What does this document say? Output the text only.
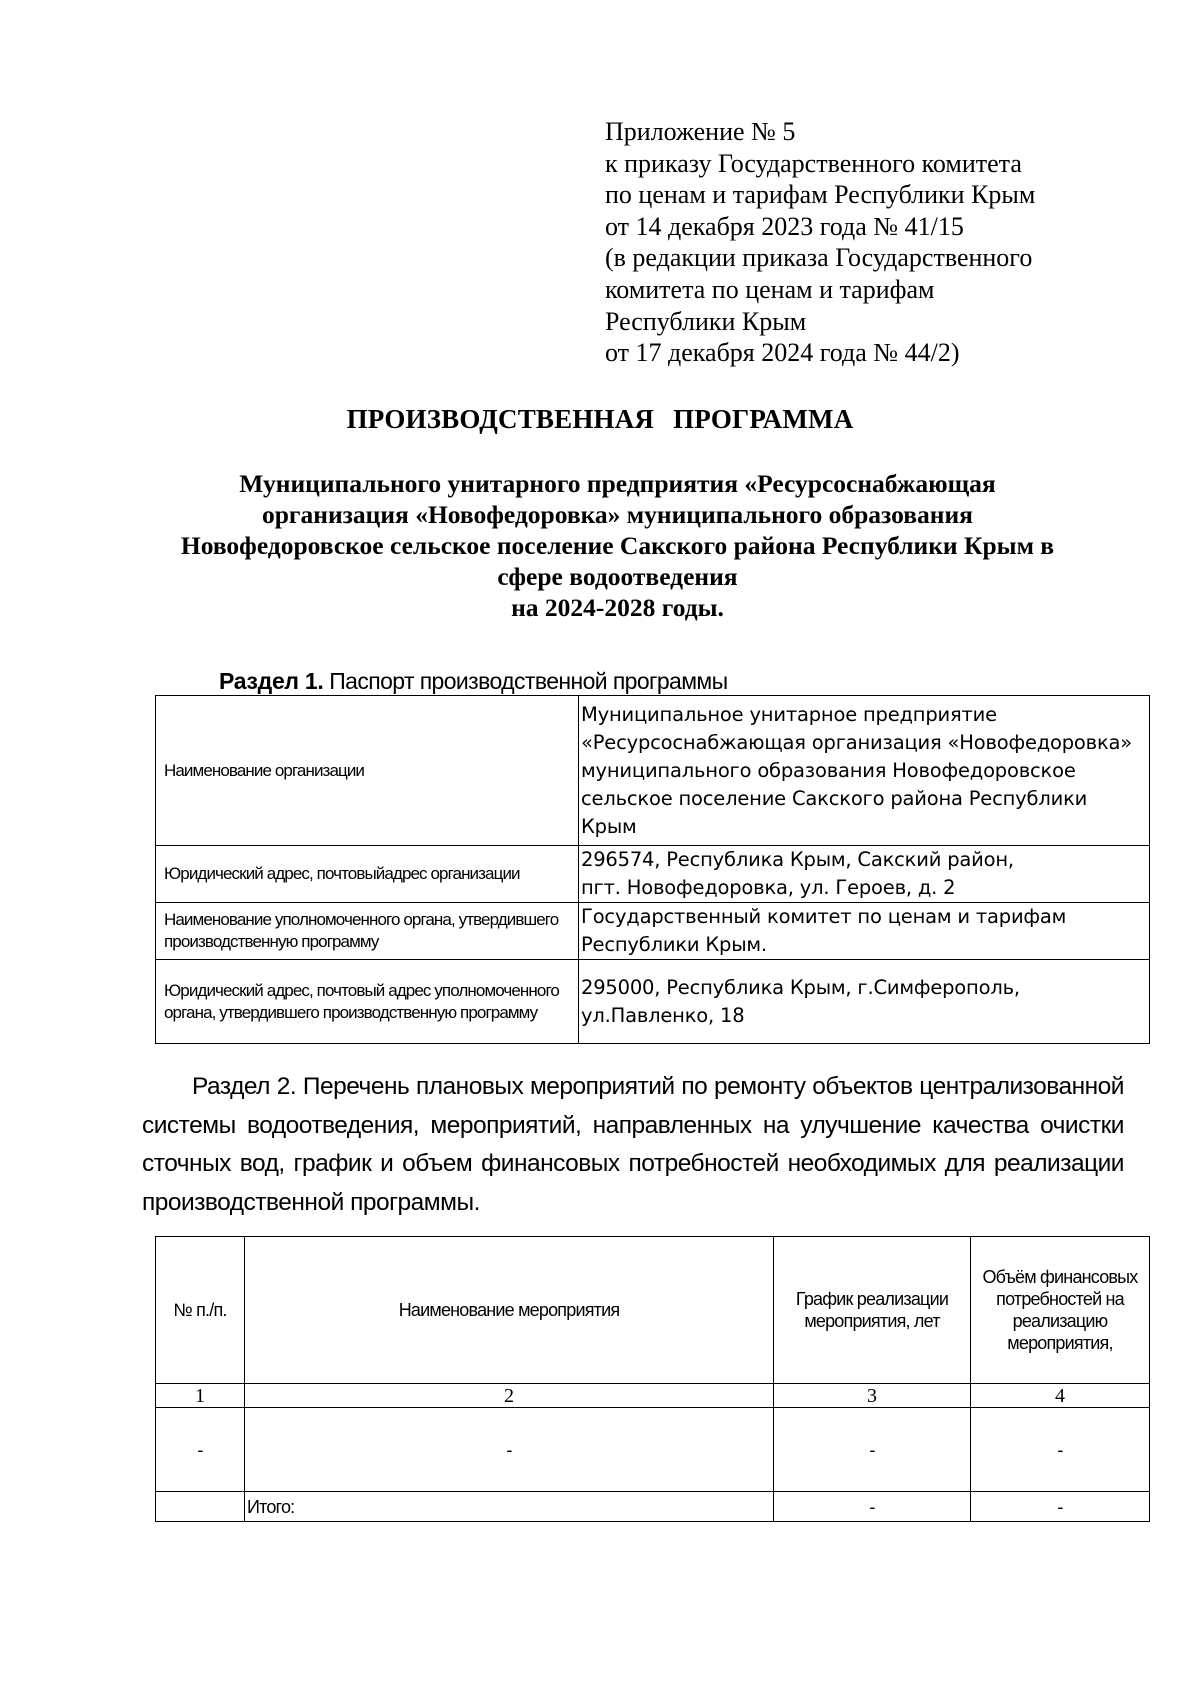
Приложение № 5
к приказу Государственного комитета
по ценам и тарифам Республики Крым
от 14 декабря 2023 года № 41/15
(в редакции приказа Государственного
комитета по ценам и тарифам
Республики Крым
от 17 декабря 2024 года № 44/2)
ПРОИЗВОДСТВЕННАЯ ПРОГРАММА
Муниципального унитарного предприятия «Ресурсоснабжающая
организация «Новофедоровка» муниципального образования
Новофедоровское сельское поселение Сакского района Республики Крым в
сфере водоотведения
на 2024-2028 годы.
Раздел 1. Паспорт производственной программы
Наименование организации	Муниципальное унитарное предприятие
«Ресурсоснабжающая организация «Новофедоровка»
муниципального образования Новофедоровское
сельское поселение Сакского района Республики
Крым

Юридический адрес, почтовыйадрес организации	296574, Республика Крым, Сакский район,
пгт. Новофедоровка, ул. Героев, д. 2

Наименование уполномоченного органа, утвердившего производственную программу	Государственный комитет по ценам и тарифам
Республики Крым.

Юридический адрес, почтовый адрес уполномоченного органа, утвердившего производственную программу	295000, Республика Крым, г.Симферополь,
ул.Павленко, 18
Раздел 2. Перечень плановых мероприятий по ремонту объектов централизованной системы водоотведения, мероприятий, направленных на улучшение качества очистки сточных вод, график и объем финансовых потребностей необходимых для реализации производственной программы.
№ п./п.	Наименование мероприятия	График реализации мероприятия, лет	Объём финансовых потребностей на реализацию мероприятия,
1	2	3	4
-	-	-	-
	Итого:	-	-
